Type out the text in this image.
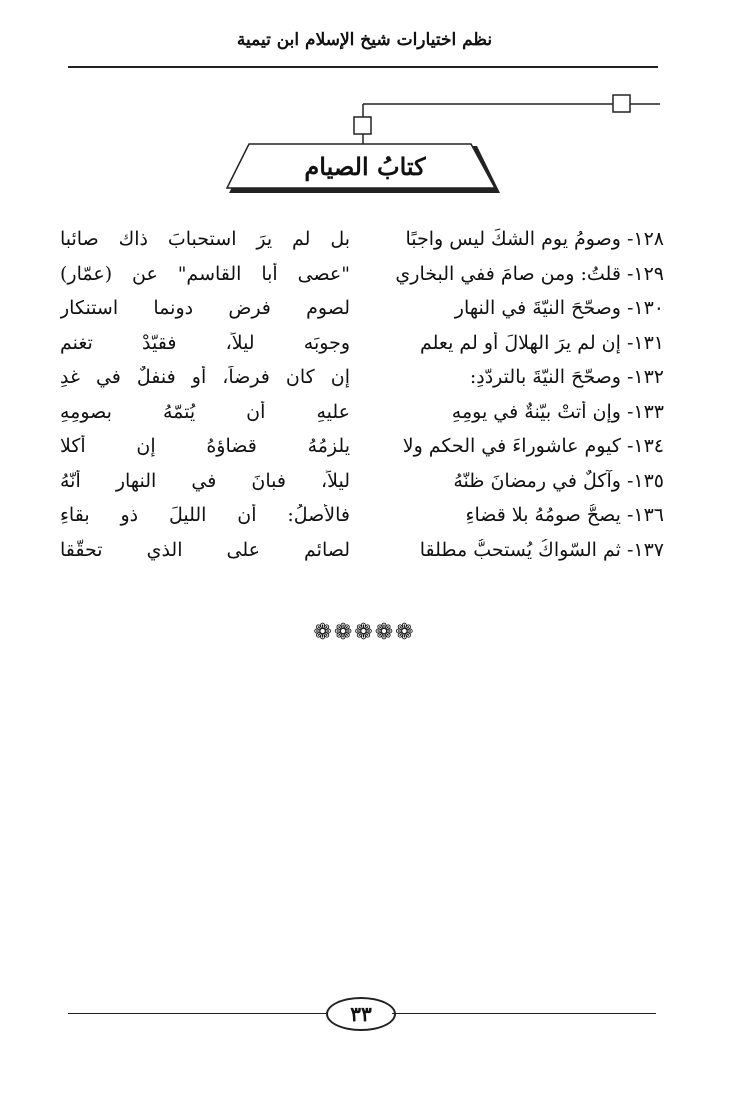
نظم اختيارات شيخ الإسلام ابن تيمية
كتابُ الصيام
١٢٨- وصومُ يوم الشكِّ ليس واجبًا
بل لم يرَ استحبابَ ذاك صائبا
١٢٩- قلتُ: ومن صامَ ففي البخاري
"عصى أبا القاسمِ" عن (عمّارِ)
١٣٠- وصحّحَ النيّةَ في النهارِ
لصومِ فرضٍ دونما استنكارِ
١٣١- إن لم يرَ الهلالَ أو لم يعلمِ
وجوبَه ليلاً، فقيّدْ تغنمِ
١٣٢- وصحّحَ النيّةَ بالتردّدِ:
إن كان فرضاً، أو فنفلٌ في غدِ
١٣٣- وإن أتتْ بيّنةٌ في يومِهِ
عليهِ أن يُتمّهُ بصومِهِ
١٣٤- كيومِ عاشوراءَ في الحكمِ ولا
يلزمُهُ قضاؤهُ إن أكلا
١٣٥- وآكلٌ في رمضانَ ظنّهُ
ليلاً، فبانَ في النهارِ أنّهُ
١٣٦- يصحُّ صومُهُ بلا قضاءِ
فالأصلُ: أن الليلَ ذو بقاءِ
١٣٧- ثم السّواكُ يُستحبُّ مطلقا
لصائمٍ على الذي تحقّقا
❁❁❁❁❁
٣٣
